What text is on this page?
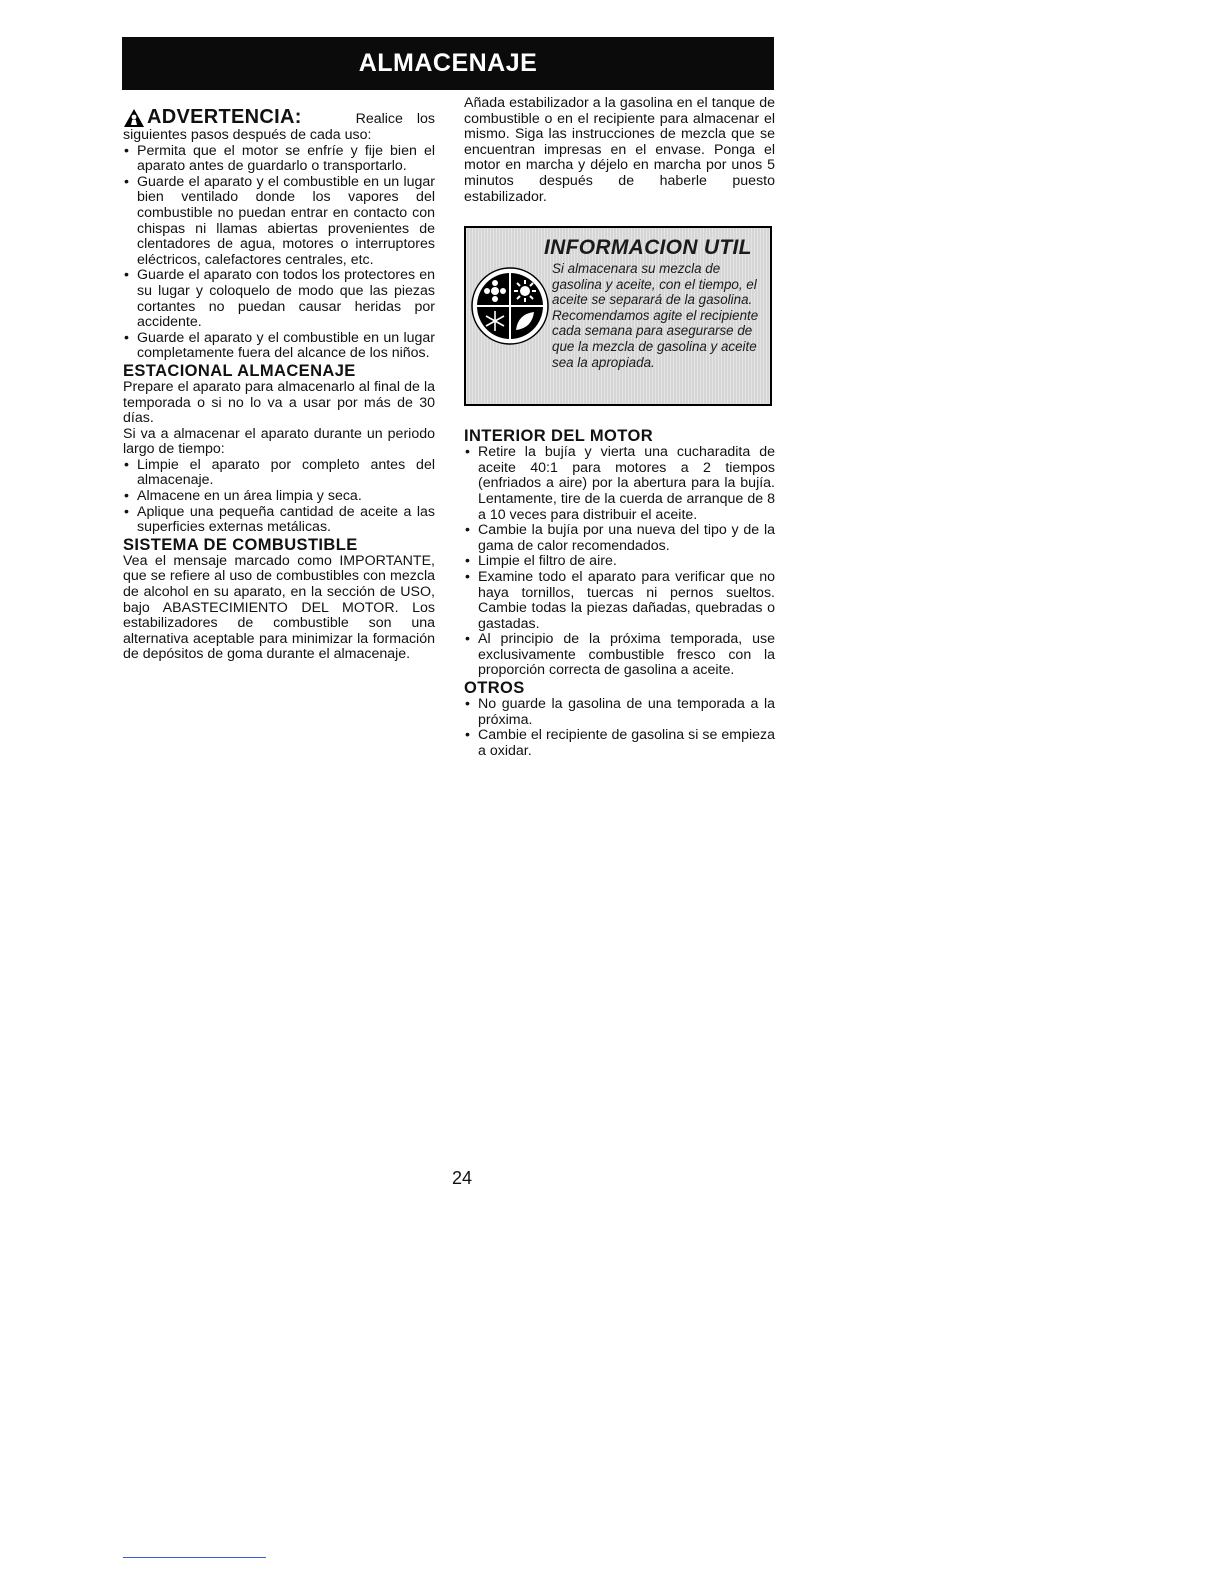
ALMACENAJE
ADVERTENCIA:	Realice los

siguientes pasos después de cada uso:

• Permita que el motor se enfríe y fije bien el aparato antes de guardarlo o transportarlo.
• Guarde el aparato y el combustible en un lugar bien ventilado donde los vapores del combustible no puedan entrar en contacto con chispas ni llamas abiertas provenientes de clentadores de agua, motores o interruptores eléctricos, calefactores centrales, etc.
• Guarde el aparato con todos los protectores en su lugar y coloquelo de modo que las piezas cortantes no puedan causar heridas por accidente.
• Guarde el aparato y el combustible en un lugar completamente fuera del alcance de los niños.
ESTACIONAL ALMACENAJE

Prepare el aparato para almacenarlo al final de la temporada o si no lo va a usar por más de 30 días.

Si va a almacenar el aparato durante un periodo largo de tiempo:

• Limpie el aparato por completo antes del almacenaje.
• Almacene en un área limpia y seca.
• Aplique una pequeña cantidad de aceite a las superficies externas metálicas.
SISTEMA DE COMBUSTIBLE

Vea el mensaje marcado como IMPORTANTE, que se refiere al uso de combustibles con mezcla de alcohol en su aparato, en la sección de USO, bajo ABASTECIMIENTO DEL MOTOR. Los estabilizadores de combustible son una alternativa aceptable para minimizar la formación de depósitos de goma durante el almacenaje.

Añada estabilizador a la gasolina en el tanque de combustible o en el recipiente para almacenar el mismo. Siga las instrucciones de mezcla que se encuentran impresas en el envase. Ponga el motor en marcha y déjelo en marcha por unos 5 minutos después de haberle puesto estabilizador.

INTERIOR DEL MOTOR
• Retire la bujía y vierta una cucharadita de aceite 40:1 para motores a 2 tiempos (enfriados a aire) por la abertura para la bujía. Lentamente, tire de la cuerda de arranque de 8 a 10 veces para distribuir el aceite.
• Cambie la bujía por una nueva del tipo y de la gama de calor recomendados.
• Limpie el filtro de aire.
• Examine todo el aparato para verificar que no haya tornillos, tuercas ni pernos sueltos. Cambie todas la piezas dañadas, quebradas o gastadas.
• Al principio de la próxima temporada, use exclusivamente combustible fresco con la proporción correcta de gasolina a aceite.
OTROS
• No guarde la gasolina de una temporada a la próxima.
• Cambie el recipiente de gasolina si se empieza a oxidar.
INFORMACION UTIL
Si almacenara su mezcla de gasolina y aceite, con el tiempo, el aceite se separará de la gasolina. Recomendamos agite el recipiente cada semana para asegurarse de que la mezcla de gasolina y aceite sea la apropiada.
24
